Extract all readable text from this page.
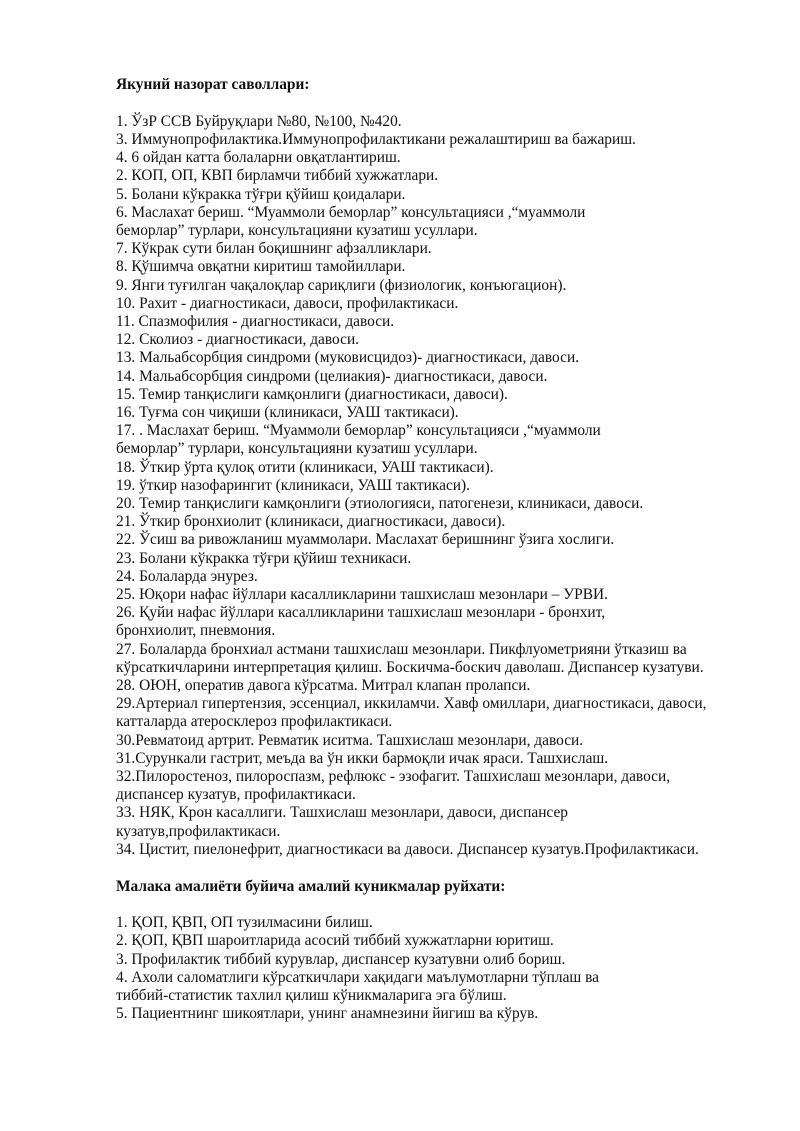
Якуний назорат саволлари:

1. ЎзР ССВ Буйруқлари №80, №100, №420.
3. Иммунопрофилактика.Иммунопрофилактикани режалаштириш ва бажариш.
4. 6 ойдан катта болаларни овқатлантириш.
2. КОП, ОП, КВП бирламчи тиббий хужжатлари.
5. Болани кўкракка тўғри қўйиш қоидалари.
6. Маслахат бериш. “Муаммоли беморлар” консультацияси ,“муаммоли
беморлар” турлари, консультацияни кузатиш усуллари.
7. Кўкрак сути билан боқишнинг афзалликлари.
8. Қўшимча овқатни киритиш тамойиллари.
9. Янги туғилган чақалоқлар сариқлиги (физиологик, конъюгацион).
10. Рахит - диагностикаси, давоси, профилактикаси.
11. Спазмофилия - диагностикаси, давоси.
12. Сколиоз - диагностикаси, давоси.
13. Мальабсорбция синдроми (муковисцидоз)- диагностикаси, давоси.
14. Мальабсорбция синдроми (целиакия)- диагностикаси, давоси.
15. Темир танқислиги камқонлиги (диагностикаси, давоси).
16. Туғма сон чиқиши (клиникаси, УАШ тактикаси).
17. . Маслахат бериш. “Муаммоли беморлар” консультацияси ,“муаммоли
беморлар” турлари, консультацияни кузатиш усуллари.
18. Ўткир ўрта қулоқ отити (клиникаси, УАШ тактикаси).
19. ўткир назофарингит (клиникаси, УАШ тактикаси).
20. Темир танқислиги камқонлиги (этиологияси, патогенези, клиникаси, давоси.
21. Ўткир бронхиолит (клиникаси, диагностикаси, давоси).
22. Ўсиш ва ривожланиш муаммолари. Маслахат беришнинг ўзига хослиги.
23. Болани кўкракка тўғри қўйиш техникаси.
24. Болаларда энурез.
25. Юқори нафас йўллари касалликларини ташхислаш мезонлари – УРВИ.
26. Қуйи нафас йўллари касалликларини ташхислаш мезонлари - бронхит,
бронхиолит, пневмония.
27. Болаларда бронхиал астмани ташхислаш мезонлари. Пикфлуометрияни ўтказиш ва
кўрсаткичларини интерпретация қилиш. Боскичма-боскич даволаш. Диспансер кузатуви.
28. ОЮН, оператив давога кўрсатма. Митрал клапан пролапси.
29.Артериал гипертензия, эссенциал, иккиламчи. Хавф омиллари, диагностикаси, давоси,
катталарда атеросклероз профилактикаси.
30.Ревматоид артрит. Ревматик иситма. Ташхислаш мезонлари, давоси.
31.Сурункали гастрит, меъда ва ўн икки бармоқли ичак яраси. Ташхислаш.
32.Пилоростеноз, пилороспазм, рефлюкс - эзофагит. Ташхислаш мезонлари, давоси,
диспансер кузатув, профилактикаси.
33. НЯК, Крон касаллиги. Ташхислаш мезонлари, давоси, диспансер
кузатув,профилактикаси.
34. Цистит, пиелонефрит, диагностикаси ва давоси. Диспансер кузатув.Профилактикаси.

Малака амалиёти буйича амалий куникмалар руйхати:

1. ҚОП, ҚВП, ОП тузилмасини билиш.
2. ҚОП, ҚВП шароитларида асосий тиббий хужжатларни юритиш.
3. Профилактик тиббий курувлар, диспансер кузатувни олиб бориш.
4. Ахоли саломатлиги кўрсаткичлари хақидаги маълумотларни тўплаш ва
тиббий-статистик тахлил қилиш кўникмаларига эга бўлиш.
5. Пациентнинг шикоятлари, унинг анамнезини йигиш ва кўрув.
